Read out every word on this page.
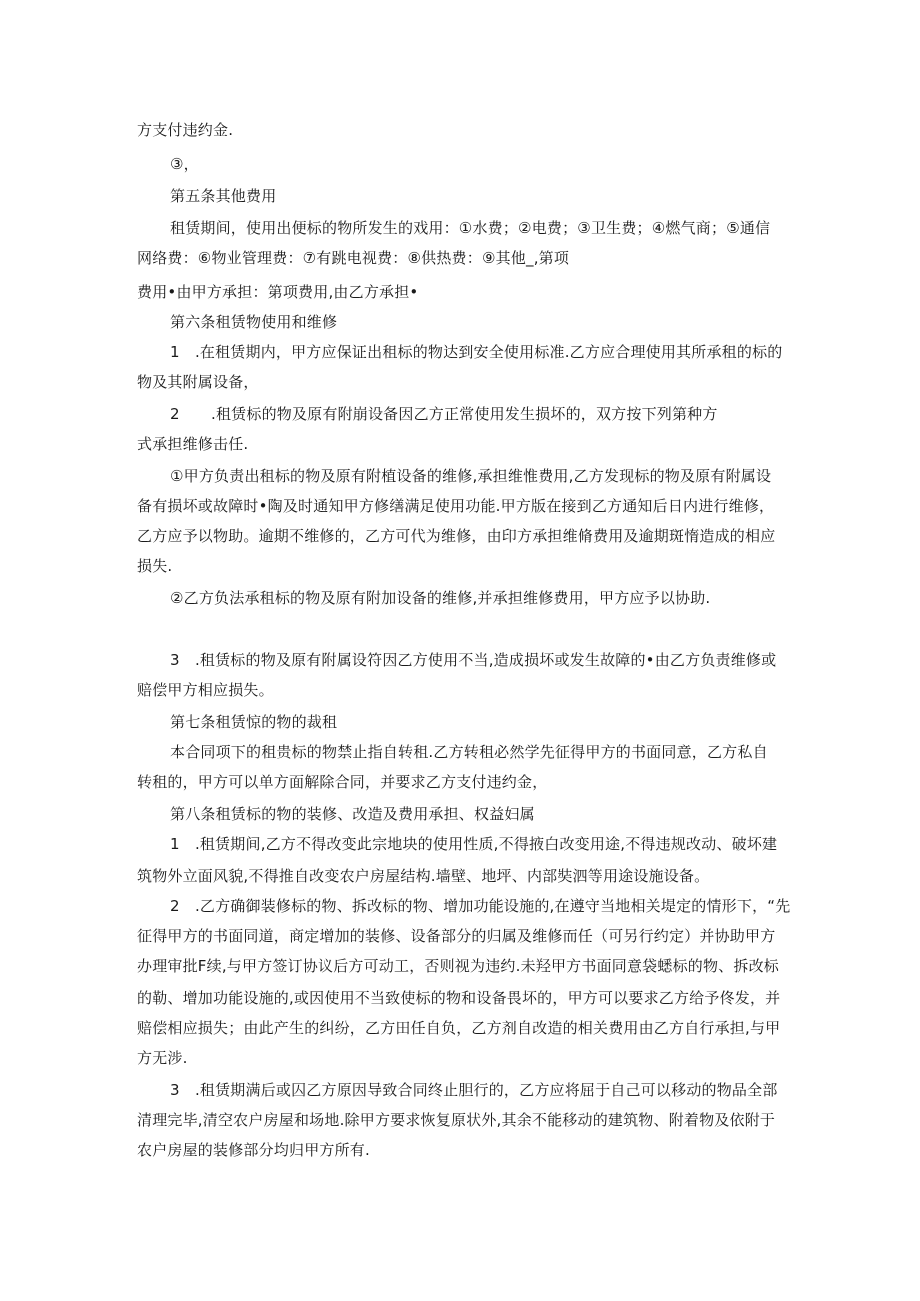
方支付违约金.
③，
第五条其他费用
租赁期间，使用出便标的物所发生的戏用：①水费；②电费；③卫生费；④燃气商；⑤通信
网络费：⑥物业管理费：⑦有跳电视费：⑧供热费：⑨其他_,第项
费用•由甲方承担：第项费用,由乙方承担•
第六条租赁物使用和维修
1　.在租赁期内，甲方应保证出租标的物达到安全使用标准.乙方应合理使用其所承租的标的
物及其附属设备，
2	.租赁标的物及原有附崩设备因乙方正常使用发生损坏的，双方按下列第种方
式承担维修击任.
①甲方负责出租标的物及原有附植设备的维修,承担维惟费用,乙方发现标的物及原有附属设
备有损坏或故障时•陶及时通知甲方修缮满足使用功能.甲方版在接到乙方通知后日内进行维修，
乙方应予以物助。逾期不维修的，乙方可代为维修，由印方承担维脩费用及逾期斑惰造成的相应
损失.
②乙方负法承租标的物及原有附加设备的维修,并承担维修费用，甲方应予以协助.
3　.租赁标的物及原有附属设符因乙方使用不当,造成损坏或发生故障的•由乙方负责维修或
赔偿甲方相应损失。
第七条租赁惊的物的裁租
本合同项下的租贵标的物禁止指自转租.乙方转租必然学先征得甲方的书面同意，乙方私自
转租的，甲方可以单方面解除合同，并要求乙方支付违约金，
第八条租赁标的物的装修、改造及费用承担、权益妇属
1　.租赁期间,乙方不得改变此宗地块的使用性质,不得掖白改变用途,不得违规改动、破坏建
筑物外立面风貌,不得推自改变农户房屋结构.墙壁、地坪、内部奘泗等用途设施设备。
2　.乙方确御装修标的物、拆改标的物、增加功能设施的,在遵守当地相关堤定的情形下，“先
征得甲方的书面同道，商定增加的装修、设备部分的归属及维修而任（可另行约定）并协助甲方
办理审批F续,与甲方签订协议后方可动工，否则视为违约.未羟甲方书面同意袋蟋标的物、拆改标
的勒、增加功能设施的,或因使用不当致使标的物和设备畏坏的，甲方可以要求乙方给予佟发，并
赔偿相应损失；由此产生的纠纷，乙方田任自负，乙方剂自改造的相关费用由乙方自行承担,与甲
方无涉.
3　.租赁期满后或囚乙方原因导致合同终止胆行的，乙方应将屈于自己可以移动的物品全部
清理完毕,清空农户房屋和场地.除甲方要求恢复原状外,其余不能移动的建筑物、附着物及依附于
农户房屋的装修部分均归甲方所有.
